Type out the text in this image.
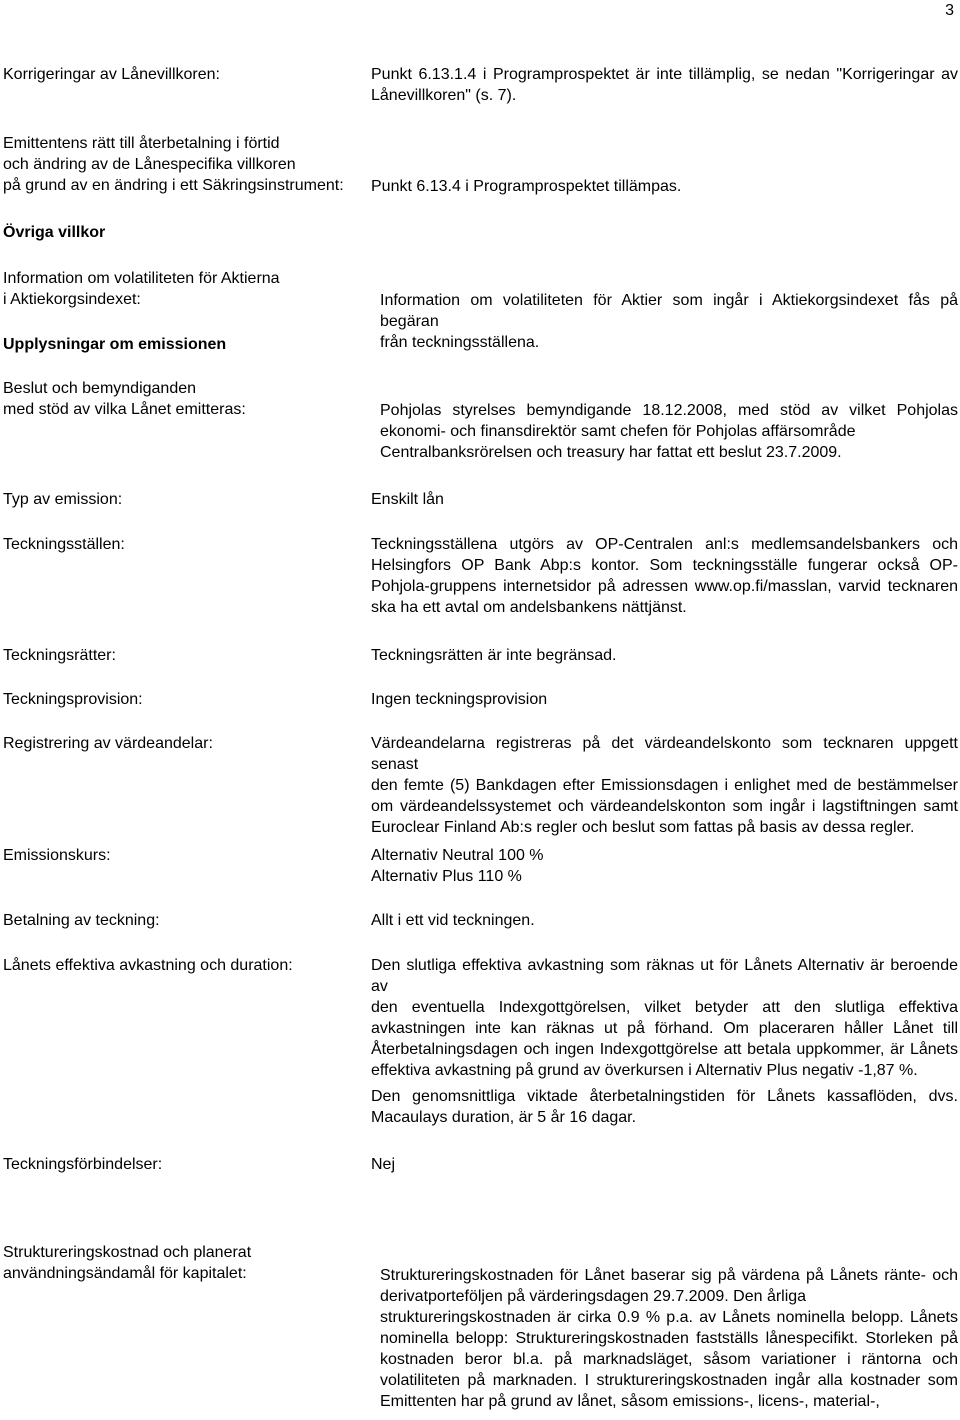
3
Korrigeringar av Lånevillkoren:	Punkt 6.13.1.4 i Programprospektet är inte tillämplig, se nedan "Korrigeringar av
Lånevillkoren" (s. 7).
Emittentens rätt till återbetalning i förtid
och ändring av de Lånespecifika villkoren
på grund av en ändring i ett Säkringsinstrument: Punkt 6.13.4 i Programprospektet tillämpas.
Övriga villkor
Information om volatiliteten för Aktierna
i Aktiekorgsindexet:	Information om volatiliteten för Aktier som ingår i Aktiekorgsindexet fås på begäran
från teckningsställena.
Upplysningar om emissionen
Beslut och bemyndiganden
med stöd av vilka Lånet emitteras:	Pohjolas styrelses bemyndigande 18.12.2008, med stöd av vilket Pohjolas
ekonomi- och finansdirektör samt chefen för Pohjolas affärsområde
Centralbanksrörelsen och treasury har fattat ett beslut 23.7.2009.
Typ av emission:	Enskilt lån
Teckningsställen:	Teckningsställena utgörs av OP-Centralen anl:s medlemsandelsbankers och
Helsingfors OP Bank Abp:s kontor. Som teckningsställe fungerar också OP-
Pohjola-gruppens internetsidor på adressen www.op.fi/masslan, varvid tecknaren
ska ha ett avtal om andelsbankens nättjänst.
Teckningsrätter:	Teckningsrätten är inte begränsad.
Teckningsprovision:	Ingen teckningsprovision
Registrering av värdeandelar:	Värdeandelarna registreras på det värdeandelskonto som tecknaren uppgett senast
den femte (5) Bankdagen efter Emissionsdagen i enlighet med de bestämmelser
om värdeandelssystemet och värdeandelskonton som ingår i lagstiftningen samt
Euroclear Finland Ab:s regler och beslut som fattas på basis av dessa regler.
Emissionskurs:	Alternativ Neutral 100 %
Alternativ Plus 110 %
Betalning av teckning:	Allt i ett vid teckningen.
Lånets effektiva avkastning och duration:	Den slutliga effektiva avkastning som räknas ut för Lånets Alternativ är beroende av
den eventuella Indexgottgörelsen, vilket betyder att den slutliga effektiva
avkastningen inte kan räknas ut på förhand. Om placeraren håller Lånet till
Återbetalningsdagen och ingen Indexgottgörelse att betala uppkommer, är Lånets
effektiva avkastning på grund av överkursen i Alternativ Plus negativ -1,87 %.
Den genomsnittliga viktade återbetalningstiden för Lånets kassaflöden, dvs.
Macaulays duration, är 5 år 16 dagar.
Teckningsförbindelser:	Nej
Struktureringskostnad och planerat
användningsändamål för kapitalet:	Struktureringskostnaden för Lånet baserar sig på värdena på Lånets ränte- och
derivatporteföljen på värderingsdagen 29.7.2009. Den årliga
struktureringskostnaden är cirka 0.9 % p.a. av Lånets nominella belopp. Lånets
nominella belopp: Struktureringskostnaden fastställs lånespecifikt. Storleken på
kostnaden beror bl.a. på marknadsläget, såsom variationer i räntorna och
volatiliteten på marknaden. I struktureringskostnaden ingår alla kostnader som
Emittenten har på grund av lånet, såsom emissions-, licens-, material-,
